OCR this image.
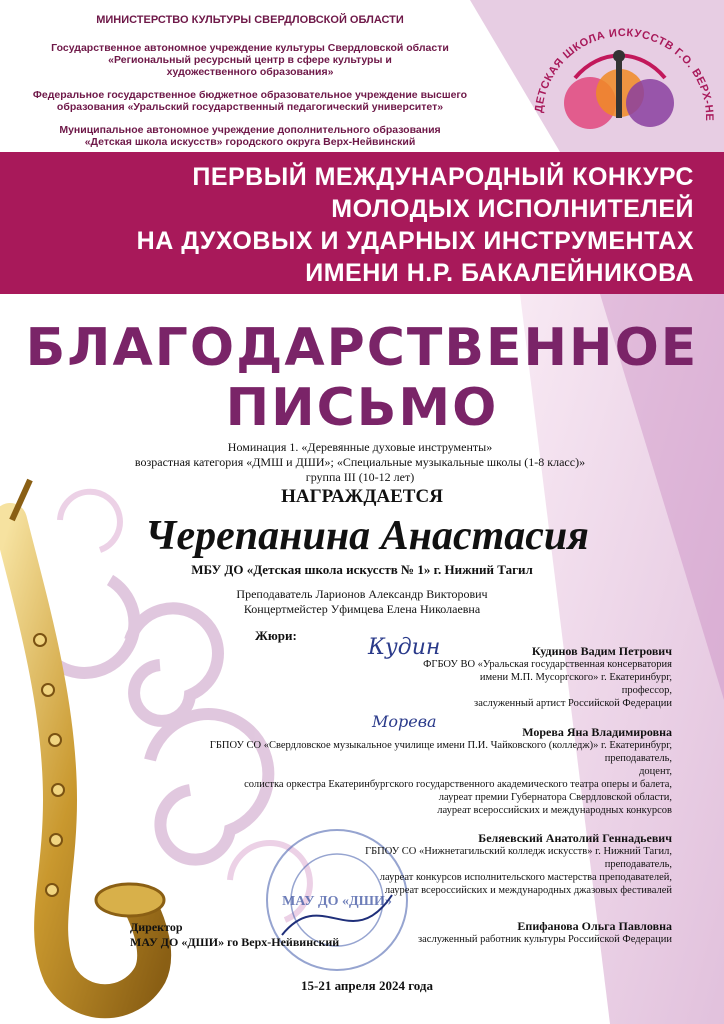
ДЕТСКАЯ ШКОЛА ИСКУССТВ Г.О. ВЕРХ-НЕ
МИНИСТЕРСТВО КУЛЬТУРЫ СВЕРДЛОВСКОЙ ОБЛАСТИ
Государственное автономное учреждение культуры Свердловской области
«Региональный ресурсный центр в сфере культуры и
художественного образования»
Федеральное государственное бюджетное образовательное учреждение высшего
образования «Уральский государственный педагогический университет»
Муниципальное автономное учреждение дополнительного образования
«Детская школа искусств» городского округа Верх-Нейвинский
ПЕРВЫЙ МЕЖДУНАРОДНЫЙ КОНКУРС
МОЛОДЫХ ИСПОЛНИТЕЛЕЙ
НА ДУХОВЫХ И УДАРНЫХ ИНСТРУМЕНТАХ
ИМЕНИ Н.Р. БАКАЛЕЙНИКОВА
БЛАГОДАРСТВЕННОЕ
ПИСЬМО
Номинация 1. «Деревянные духовые инструменты»
возрастная категория «ДМШ и ДШИ»; «Специальные музыкальные школы (1-8 класс)»
группа III (10-12 лет)
НАГРАЖДАЕТСЯ
Черепанина Анастасия
МБУ ДО «Детская школа искусств № 1» г. Нижний Тагил
Преподаватель Ларионов Александр Викторович
Концертмейстер Уфимцева Елена Николаевна
Жюри:	Кудин	Кудинов Вадим Петрович
ФГБОУ ВО «Уральская государственная консерватория
имени М.П. Мусоргского» г. Екатеринбург,
профессор,
заслуженный артист Российской Федерации
Морева
Морева Яна Владимировна
ГБПОУ СО «Свердловское музыкальное училище имени П.И. Чайковского (колледж)» г. Екатеринбург,
преподаватель,
доцент,
солистка оркестра Екатеринбургского государственного академического театра оперы и балета,
лауреат премии Губернатора Свердловской области,
лауреат всероссийских и международных конкурсов
МАУ ДО «ДШИ»
Беляевский Анатолий Геннадьевич
ГБПОУ СО «Нижнетагильский колледж искусств» г. Нижний Тагил,
преподаватель,
лауреат конкурсов исполнительского мастерства преподавателей,
лауреат всероссийских и международных джазовых фестивалей
Директор
МАУ ДО «ДШИ» го Верх-Нейвинский
Епифанова Ольга Павловна
заслуженный работник культуры Российской Федерации
15-21 апреля 2024 года
